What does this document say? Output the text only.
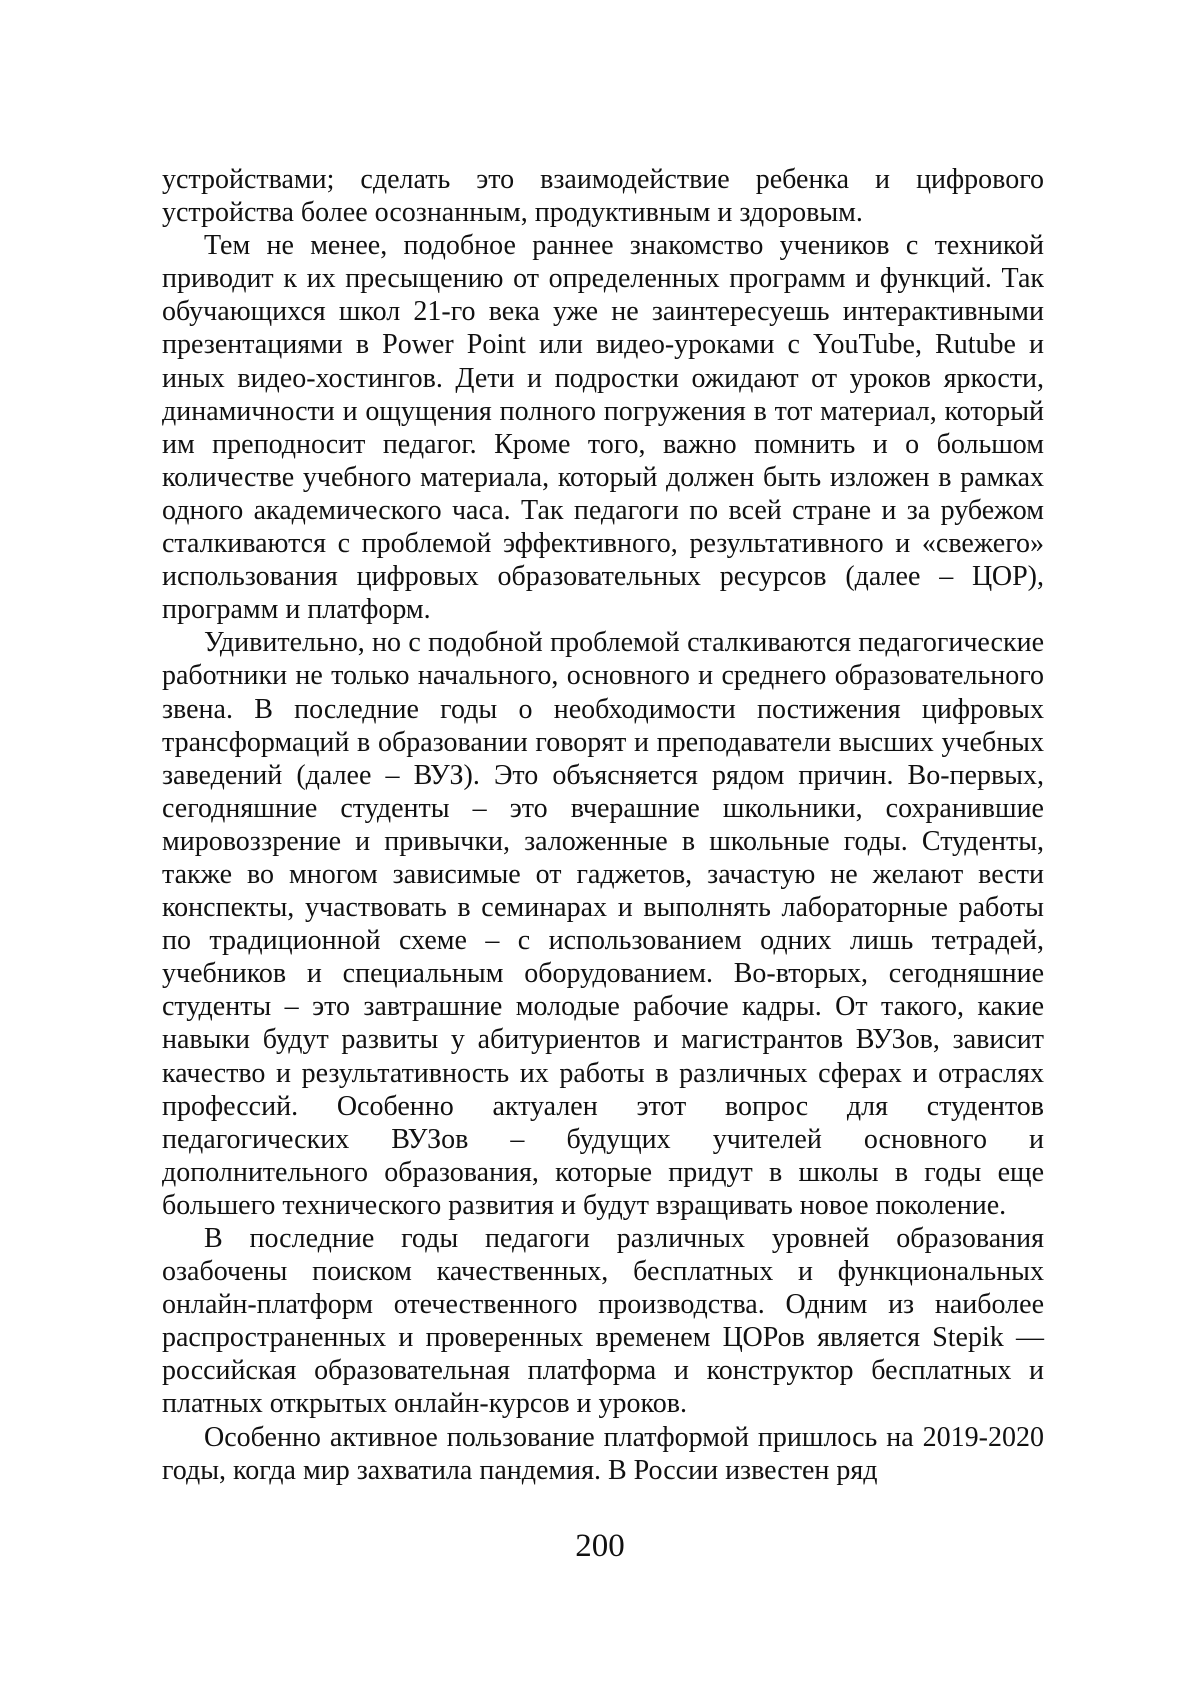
устройствами; сделать это взаимодействие ребенка и цифрового устройства более осознанным, продуктивным и здоровым.

Тем не менее, подобное раннее знакомство учеников с техникой приводит к их пресыщению от определенных программ и функций. Так обучающихся школ 21-го века уже не заинтересуешь интерактивными презентациями в Power Point или видео-уроками с YouTube, Rutube и иных видео-хостингов. Дети и подростки ожидают от уроков яркости, динамичности и ощущения полного погружения в тот материал, который им преподносит педагог. Кроме того, важно помнить и о большом количестве учебного материала, который должен быть изложен в рамках одного академического часа. Так педагоги по всей стране и за рубежом сталкиваются с проблемой эффективного, результативного и «свежего» использования цифровых образовательных ресурсов (далее – ЦОР), программ и платформ.

Удивительно, но с подобной проблемой сталкиваются педагогические работники не только начального, основного и среднего образовательного звена. В последние годы о необходимости постижения цифровых трансформаций в образовании говорят и преподаватели высших учебных заведений (далее – ВУЗ). Это объясняется рядом причин. Во-первых, сегодняшние студенты – это вчерашние школьники, сохранившие мировоззрение и привычки, заложенные в школьные годы. Студенты, также во многом зависимые от гаджетов, зачастую не желают вести конспекты, участвовать в семинарах и выполнять лабораторные работы по традиционной схеме – с использованием одних лишь тетрадей, учебников и специальным оборудованием. Во-вторых, сегодняшние студенты – это завтрашние молодые рабочие кадры. От такого, какие навыки будут развиты у абитуриентов и магистрантов ВУЗов, зависит качество и результативность их работы в различных сферах и отраслях профессий. Особенно актуален этот вопрос для студентов педагогических ВУЗов – будущих учителей основного и дополнительного образования, которые придут в школы в годы еще большего технического развития и будут взращивать новое поколение.

В последние годы педагоги различных уровней образования озабочены поиском качественных, бесплатных и функциональных онлайн-платформ отечественного производства. Одним из наиболее распространенных и проверенных временем ЦОРов является Stepik — российская образовательная платформа и конструктор бесплатных и платных открытых онлайн-курсов и уроков.

Особенно активное пользование платформой пришлось на 2019-2020 годы, когда мир захватила пандемия. В России известен ряд

200
